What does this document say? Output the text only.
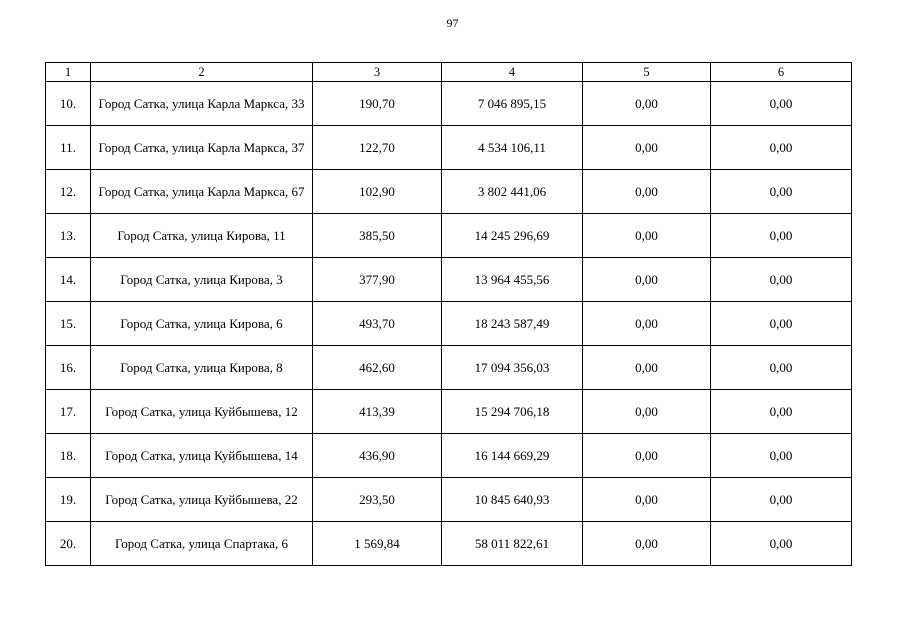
97
1	2	3	4	5	6
10.	Город Сатка, улица Карла Маркса, 33	190,70	7 046 895,15	0,00	0,00
11.	Город Сатка, улица Карла Маркса, 37	122,70	4 534 106,11	0,00	0,00
12.	Город Сатка, улица Карла Маркса, 67	102,90	3 802 441,06	0,00	0,00
13.	Город Сатка, улица Кирова, 11	385,50	14 245 296,69	0,00	0,00
14.	Город Сатка, улица Кирова, 3	377,90	13 964 455,56	0,00	0,00
15.	Город Сатка, улица Кирова, 6	493,70	18 243 587,49	0,00	0,00
16.	Город Сатка, улица Кирова, 8	462,60	17 094 356,03	0,00	0,00
17.	Город Сатка, улица Куйбышева, 12	413,39	15 294 706,18	0,00	0,00
18.	Город Сатка, улица Куйбышева, 14	436,90	16 144 669,29	0,00	0,00
19.	Город Сатка, улица Куйбышева, 22	293,50	10 845 640,93	0,00	0,00
20.	Город Сатка, улица Спартака, 6	1 569,84	58 011 822,61	0,00	0,00
